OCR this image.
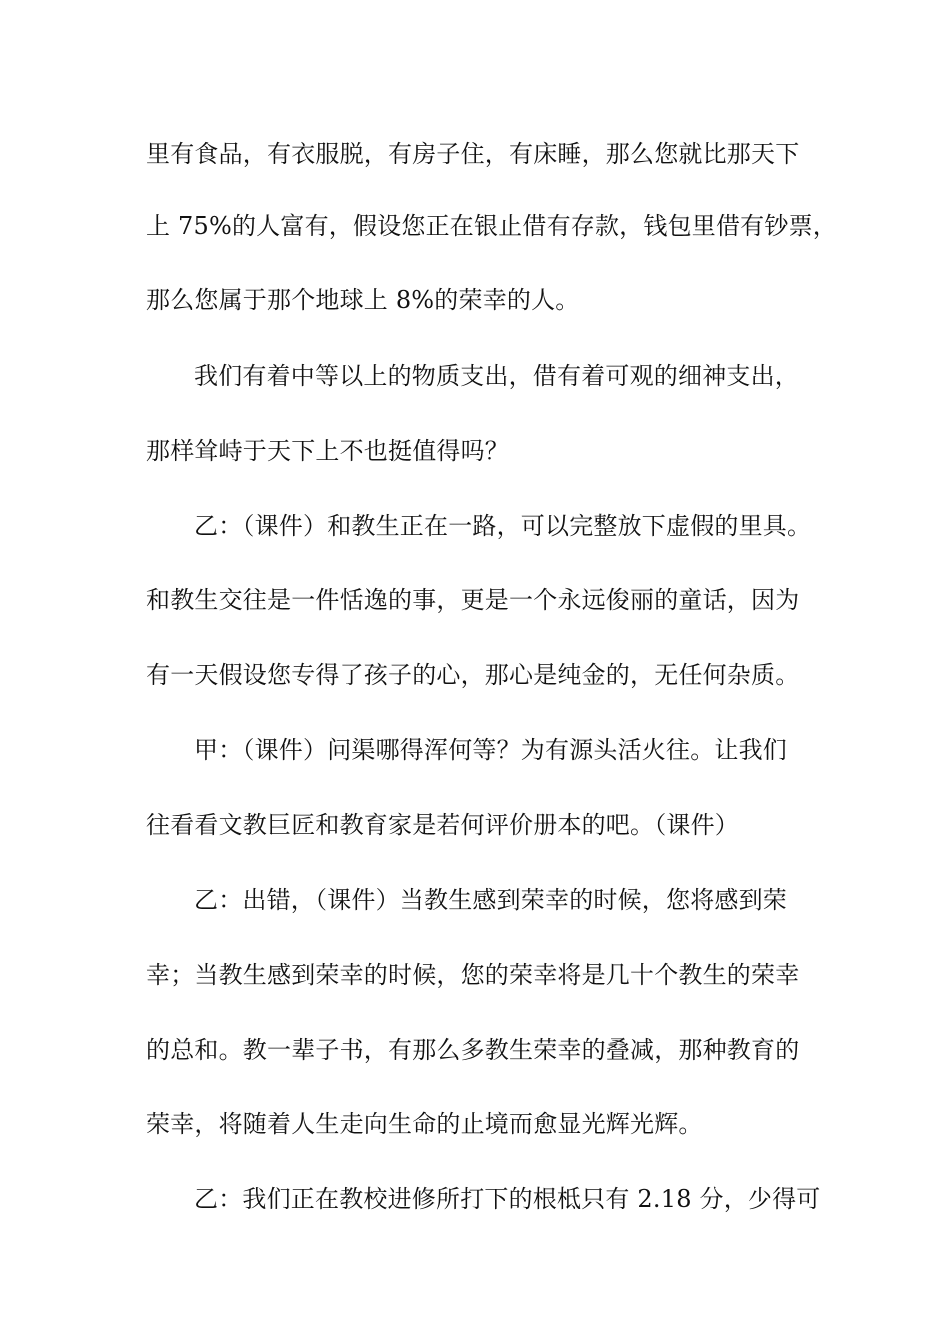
里有食品，有衣服脱，有房子住，有床睡，那么您就比那天下
上 75%的人富有，假设您正在银止借有存款，钱包里借有钞票，
那么您属于那个地球上 8%的荣幸的人。
我们有着中等以上的物质支出，借有着可观的细神支出，
那样耸峙于天下上不也挺值得吗？
乙：（课件）和教生正在一路，可以完整放下虚假的里具。
和教生交往是一件恬逸的事，更是一个永远俊丽的童话，因为
有一天假设您专得了孩子的心，那心是纯金的，无任何杂质。
甲：（课件）问渠哪得浑何等？为有源头活火往。让我们
往看看文教巨匠和教育家是若何评价册本的吧。（课件）
乙：出错，（课件）当教生感到荣幸的时候，您将感到荣
幸；当教生感到荣幸的时候，您的荣幸将是几十个教生的荣幸
的总和。教一辈子书，有那么多教生荣幸的叠减，那种教育的
荣幸，将随着人生走向生命的止境而愈显光辉光辉。
乙：我们正在教校进修所打下的根柢只有 2.18 分，少得可
